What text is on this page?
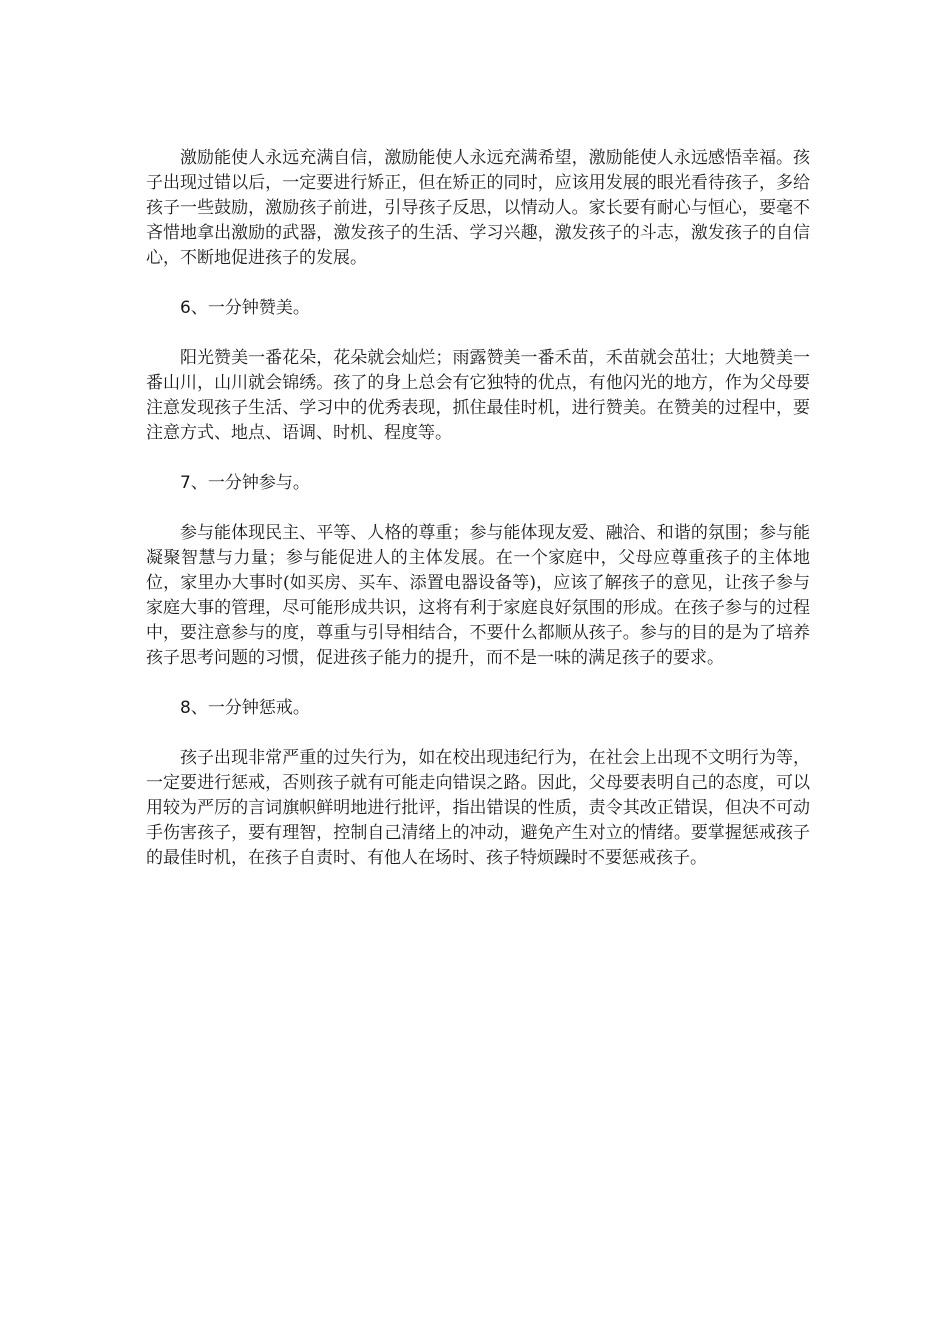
激励能使人永远充满自信，激励能使人永远充满希望，激励能使人永远感悟幸福。孩子出现过错以后，一定要进行矫正，但在矫正的同时，应该用发展的眼光看待孩子，多给孩子一些鼓励，激励孩子前进，引导孩子反思，以情动人。家长要有耐心与恒心，要毫不吝惜地拿出激励的武器，激发孩子的生活、学习兴趣，激发孩子的斗志，激发孩子的自信心，不断地促进孩子的发展。

6、一分钟赞美。

阳光赞美一番花朵，花朵就会灿烂；雨露赞美一番禾苗，禾苗就会茁壮；大地赞美一番山川，山川就会锦绣。孩了的身上总会有它独特的优点，有他闪光的地方，作为父母要注意发现孩子生活、学习中的优秀表现，抓住最佳时机，进行赞美。在赞美的过程中，要注意方式、地点、语调、时机、程度等。

7、一分钟参与。

参与能体现民主、平等、人格的尊重；参与能体现友爱、融洽、和谐的氛围；参与能凝聚智慧与力量；参与能促进人的主体发展。在一个家庭中，父母应尊重孩子的主体地位，家里办大事时(如买房、买车、添置电器设备等)，应该了解孩子的意见，让孩子参与家庭大事的管理，尽可能形成共识，这将有利于家庭良好氛围的形成。在孩子参与的过程中，要注意参与的度，尊重与引导相结合，不要什么都顺从孩子。参与的目的是为了培养孩子思考问题的习惯，促进孩子能力的提升，而不是一味的满足孩子的要求。

8、一分钟惩戒。

孩子出现非常严重的过失行为，如在校出现违纪行为，在社会上出现不文明行为等，一定要进行惩戒，否则孩子就有可能走向错误之路。因此，父母要表明自己的态度，可以用较为严厉的言词旗帜鲜明地进行批评，指出错误的性质，责令其改正错误，但决不可动手伤害孩子，要有理智，控制自己清绪上的冲动，避免产生对立的情绪。要掌握惩戒孩子的最佳时机，在孩子自责时、有他人在场时、孩子特烦躁时不要惩戒孩子。
